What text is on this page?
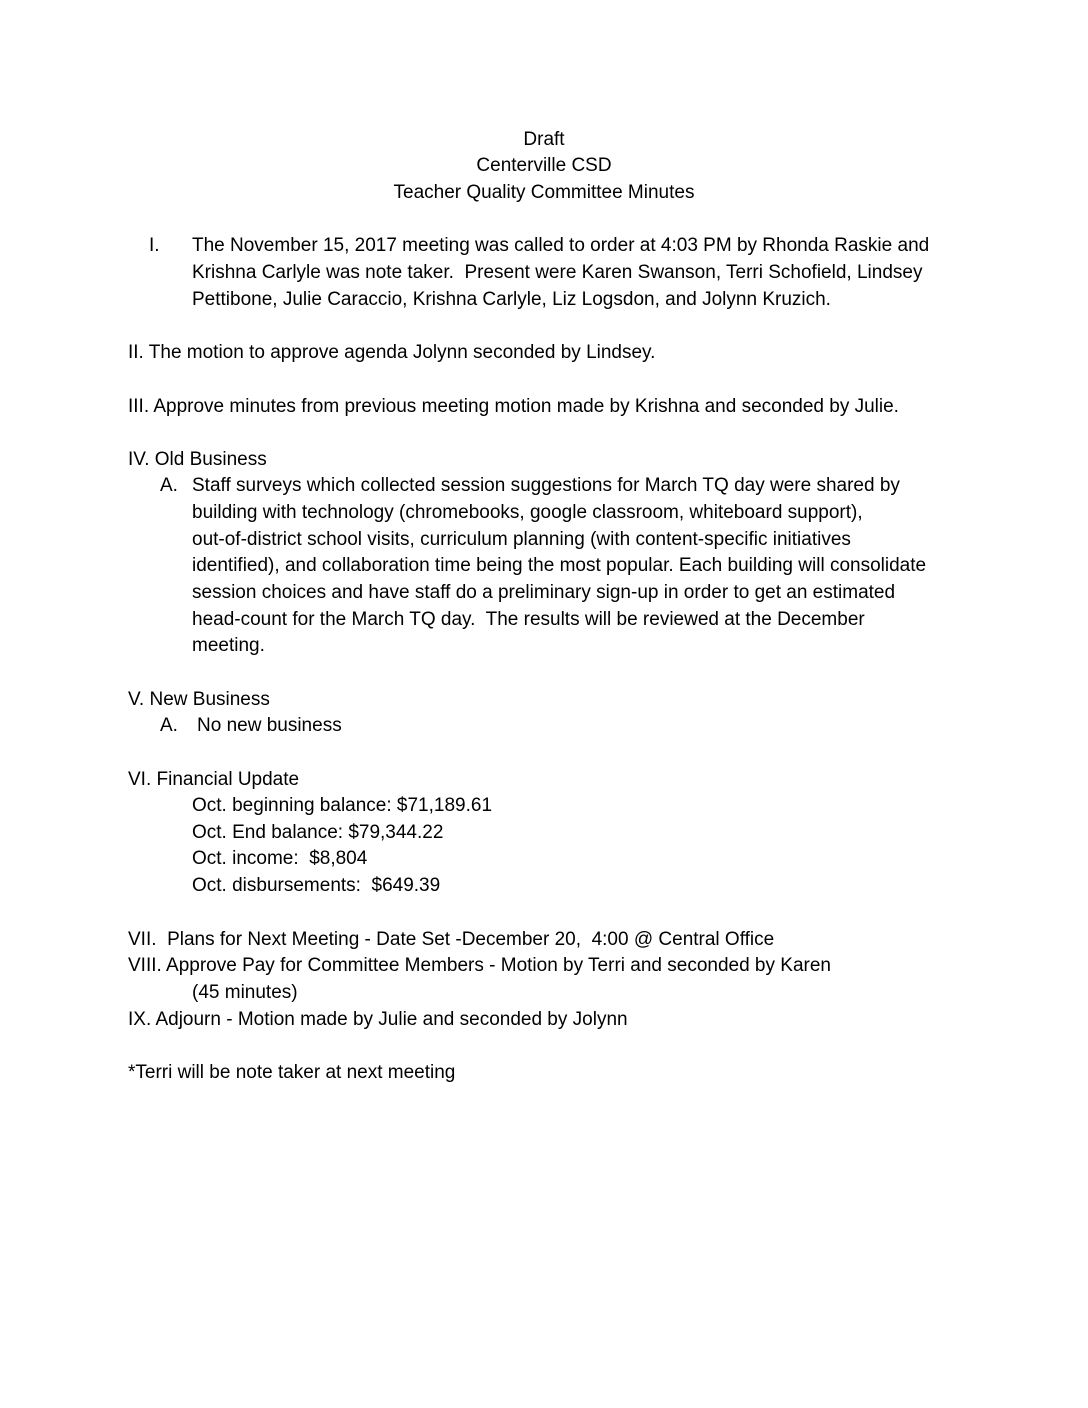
Draft
Centerville CSD
Teacher Quality Committee Minutes
I. The November 15, 2017 meeting was called to order at 4:03 PM by Rhonda Raskie and
Krishna Carlyle was note taker.  Present were Karen Swanson, Terri Schofield, Lindsey
Pettibone, Julie Caraccio, Krishna Carlyle, Liz Logsdon, and Jolynn Kruzich.
II. The motion to approve agenda Jolynn seconded by Lindsey.
III. Approve minutes from previous meeting motion made by Krishna and seconded by Julie.
IV. Old Business
A. Staff surveys which collected session suggestions for March TQ day were shared by
building with technology (chromebooks, google classroom, whiteboard support),
out-of-district school visits, curriculum planning (with content-specific initiatives
identified), and collaboration time being the most popular. Each building will consolidate
session choices and have staff do a preliminary sign-up in order to get an estimated
head-count for the March TQ day.  The results will be reviewed at the December
meeting.
V. New Business
A. No new business
VI. Financial Update
Oct. beginning balance: $71,189.61
Oct. End balance: $79,344.22
Oct. income:  $8,804
Oct. disbursements:  $649.39
VII.  Plans for Next Meeting - Date Set -December 20,  4:00 @ Central Office
VIII. Approve Pay for Committee Members - Motion by Terri and seconded by Karen
(45 minutes)
IX. Adjourn - Motion made by Julie and seconded by Jolynn
*Terri will be note taker at next meeting
